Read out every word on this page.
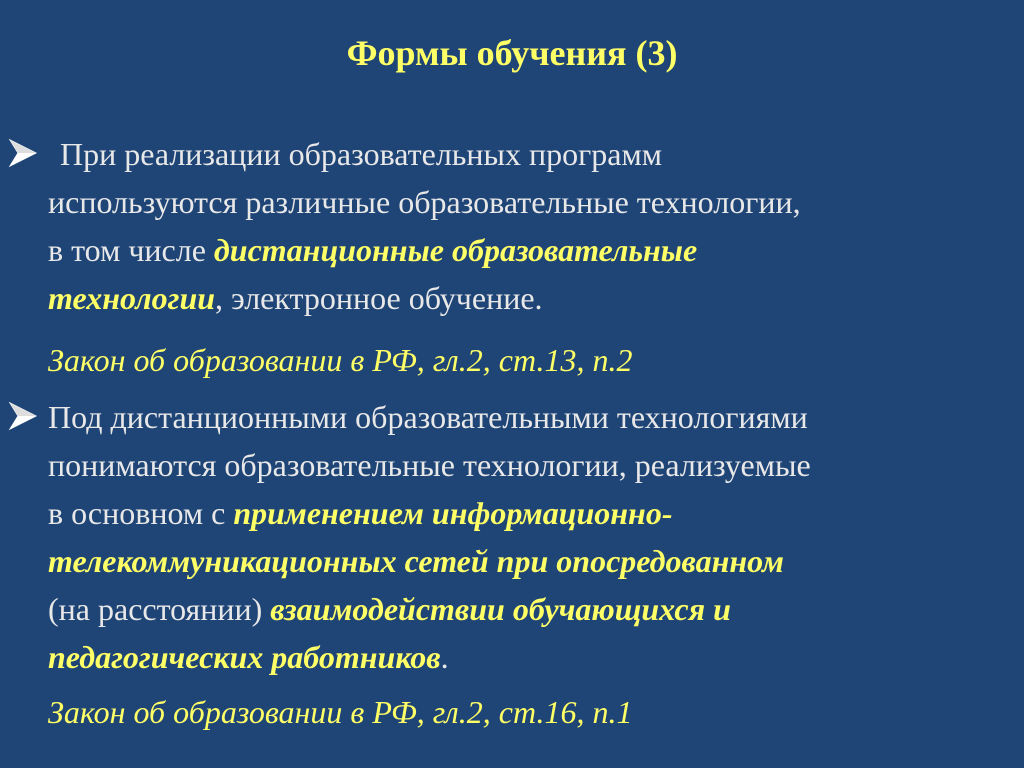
Формы обучения (3)
При реализации образовательных программ
используются различные образовательные технологии,
в том числе дистанционные образовательные
технологии, электронное обучение.
Закон об образовании в РФ, гл.2, ст.13, п.2
Под дистанционными образовательными технологиями
понимаются образовательные технологии, реализуемые
в основном с применением информационно-
телекоммуникационных сетей при опосредованном
(на расстоянии) взаимодействии обучающихся и
педагогических работников.
Закон об образовании в РФ, гл.2, ст.16, п.1
